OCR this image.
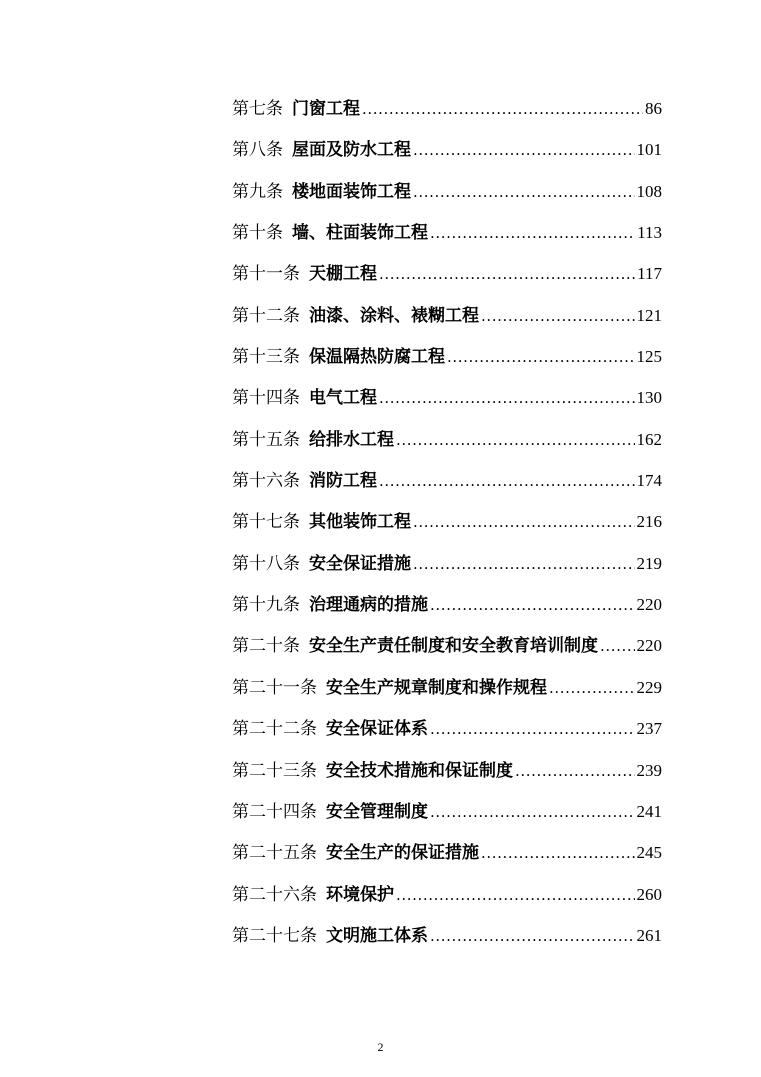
第七条 门窗工程 .....	86
第八条 屋面及防水工程 .....	101
第九条 楼地面装饰工程 .....	108
第十条 墙、柱面装饰工程 .....	113
第十一条 天棚工程 .....	117
第十二条 油漆、涂料、裱糊工程 .....	121
第十三条 保温隔热防腐工程 .....	125
第十四条 电气工程 .....	130
第十五条 给排水工程 .....	162
第十六条 消防工程 .....	174
第十七条 其他装饰工程 .....	216
第十八条 安全保证措施 .....	219
第十九条 治理通病的措施 .....	220
第二十条 安全生产责任制度和安全教育培训制度 ..... 220
第二十一条 安全生产规章制度和操作规程 .....	229
第二十二条 安全保证体系 .....	237
第二十三条 安全技术措施和保证制度 .....	239
第二十四条 安全管理制度 .....	241
第二十五条 安全生产的保证措施 .....	245
第二十六条 环境保护 .....	260
第二十七条 文明施工体系 .....	261
2
